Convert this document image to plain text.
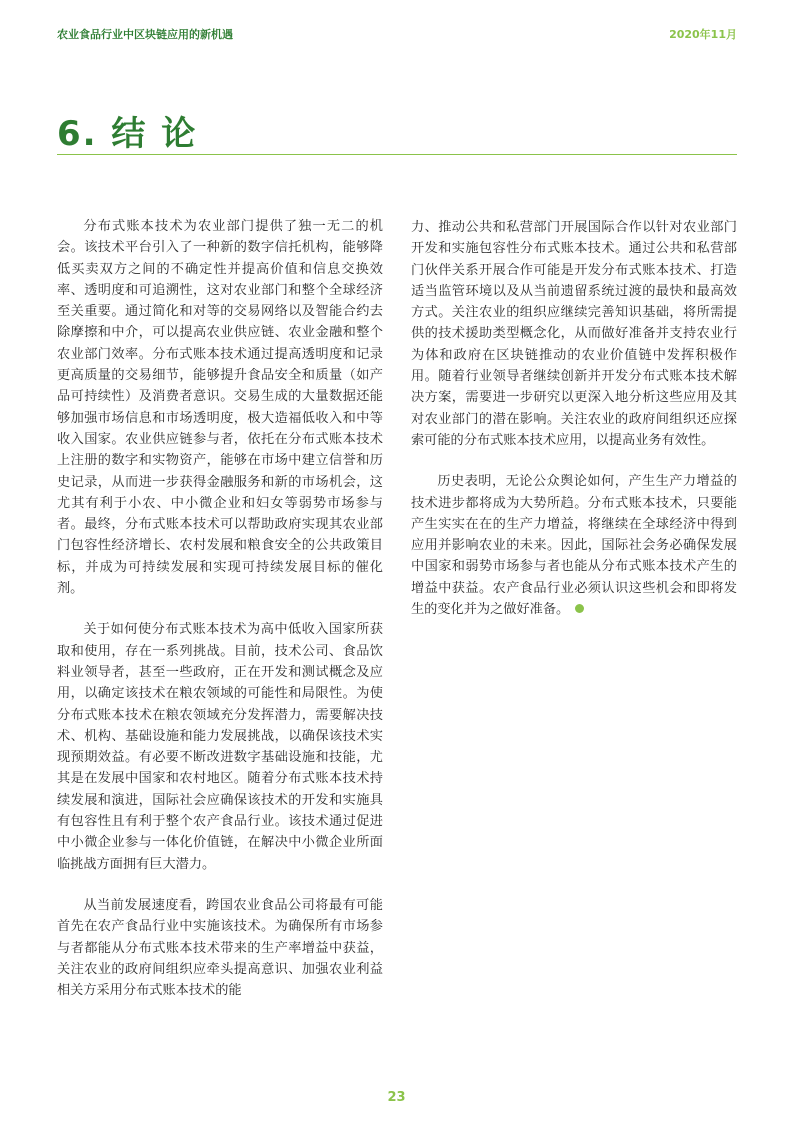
农业食品行业中区块链应用的新机遇	2020年11月
6. 结 论

分布式账本技术为农业部门提供了独一无二的机会。该技术平台引入了一种新的数字信托机构，能够降低买卖双方之间的不确定性并提高价值和信息交换效率、透明度和可追溯性，这对农业部门和整个全球经济至关重要。通过简化和对等的交易网络以及智能合约去除摩擦和中介，可以提高农业供应链、农业金融和整个农业部门效率。分布式账本技术通过提高透明度和记录更高质量的交易细节，能够提升食品安全和质量（如产品可持续性）及消费者意识。交易生成的大量数据还能够加强市场信息和市场透明度，极大造福低收入和中等收入国家。农业供应链参与者，依托在分布式账本技术上注册的数字和实物资产，能够在市场中建立信誉和历史记录，从而进一步获得金融服务和新的市场机会，这尤其有利于小农、中小微企业和妇女等弱势市场参与者。最终，分布式账本技术可以帮助政府实现其农业部门包容性经济增长、农村发展和粮食安全的公共政策目标，并成为可持续发展和实现可持续发展目标的催化剂。

关于如何使分布式账本技术为高中低收入国家所获取和使用，存在一系列挑战。目前，技术公司、食品饮料业领导者，甚至一些政府，正在开发和测试概念及应用，以确定该技术在粮农领域的可能性和局限性。为使分布式账本技术在粮农领域充分发挥潜力，需要解决技术、机构、基础设施和能力发展挑战，以确保该技术实现预期效益。有必要不断改进数字基础设施和技能，尤其是在发展中国家和农村地区。随着分布式账本技术持续发展和演进，国际社会应确保该技术的开发和实施具有包容性且有利于整个农产食品行业。该技术通过促进中小微企业参与一体化价值链，在解决中小微企业所面临挑战方面拥有巨大潜力。

从当前发展速度看，跨国农业食品公司将最有可能首先在农产食品行业中实施该技术。为确保所有市场参与者都能从分布式账本技术带来的生产率增益中获益，关注农业的政府间组织应牵头提高意识、加强农业利益相关方采用分布式账本技术的能

力、推动公共和私营部门开展国际合作以针对农业部门开发和实施包容性分布式账本技术。通过公共和私营部门伙伴关系开展合作可能是开发分布式账本技术、打造适当监管环境以及从当前遗留系统过渡的最快和最高效方式。关注农业的组织应继续完善知识基础，将所需提供的技术援助类型概念化，从而做好准备并支持农业行为体和政府在区块链推动的农业价值链中发挥积极作用。随着行业领导者继续创新并开发分布式账本技术解决方案，需要进一步研究以更深入地分析这些应用及其对农业部门的潜在影响。关注农业的政府间组织还应探索可能的分布式账本技术应用，以提高业务有效性。

历史表明，无论公众舆论如何，产生生产力增益的技术进步都将成为大势所趋。分布式账本技术，只要能产生实实在在的生产力增益，将继续在全球经济中得到应用并影响农业的未来。因此，国际社会务必确保发展中国家和弱势市场参与者也能从分布式账本技术产生的增益中获益。农产食品行业必须认识这些机会和即将发生的变化并为之做好准备。

23
